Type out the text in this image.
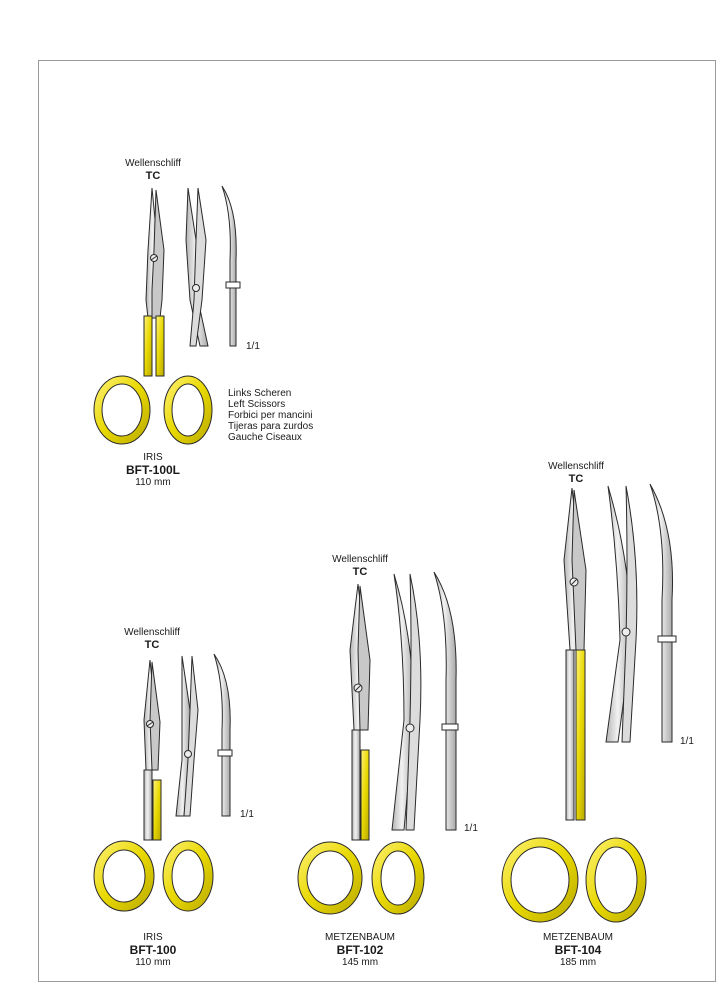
Wellenschliff
TC
1/1
Links Scheren
Left Scissors
Forbici per mancini
Tijeras para zurdos
Gauche Ciseaux
IRIS
BFT-100L
110 mm
Wellenschliff
TC
1/1
IRIS
BFT-100
110 mm
Wellenschliff
TC
1/1
METZENBAUM
BFT-102
145 mm
Wellenschliff
TC
1/1
METZENBAUM
BFT-104
185 mm
